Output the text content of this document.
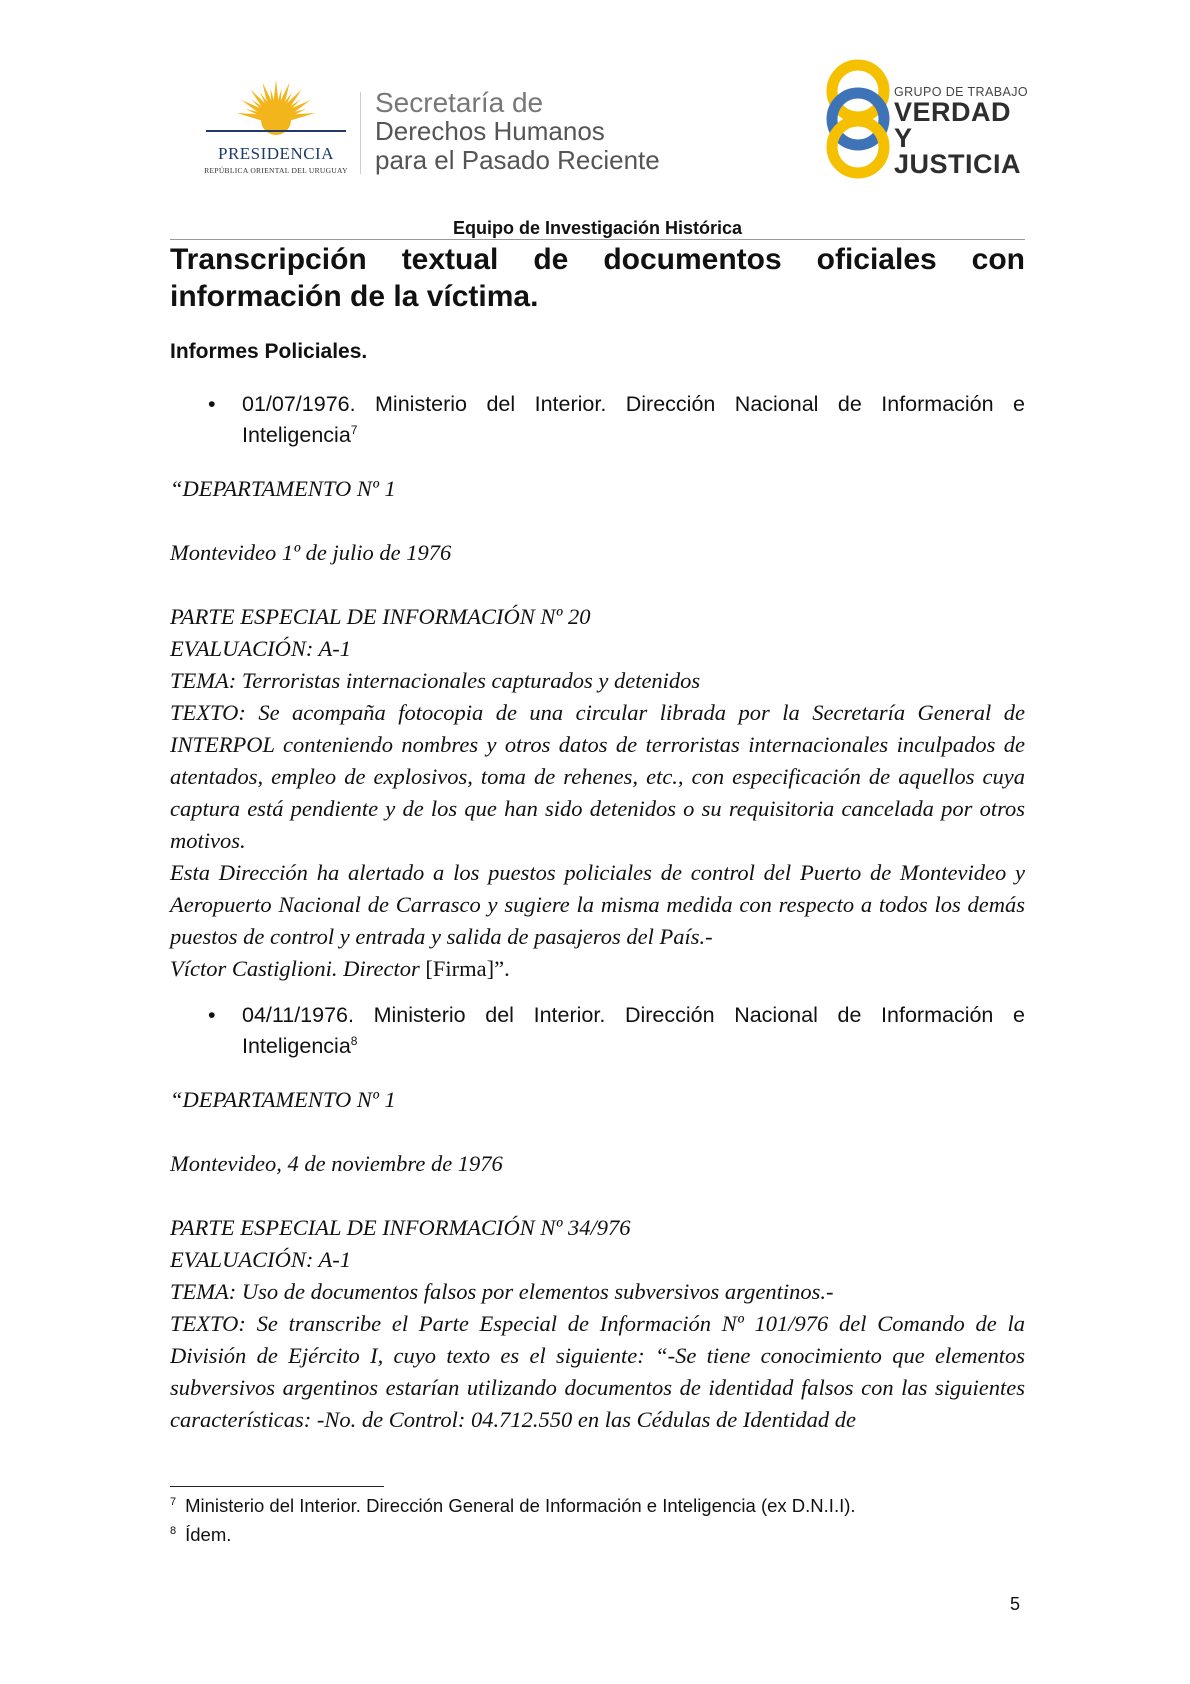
PRESIDENCIA
REPÚBLICA ORIENTAL DEL URUGUAY
Secretaría de
Derechos Humanos
para el Pasado Reciente
GRUPO DE TRABAJO
VERDAD Y
JUSTICIA
Equipo de Investigación Histórica
Transcripción textual de documentos oficiales con información de la víctima.
Informes Policiales.
• 01/07/1976. Ministerio del Interior. Dirección Nacional de Información e Inteligencia$^7$
“DEPARTAMENTO Nº 1
Montevideo 1º de julio de 1976
PARTE ESPECIAL DE INFORMACIÓN Nº 20
EVALUACIÓN: A-1
TEMA: Terroristas internacionales capturados y detenidos
TEXTO: Se acompaña fotocopia de una circular librada por la Secretaría General de INTERPOL conteniendo nombres y otros datos de terroristas internacionales inculpados de atentados, empleo de explosivos, toma de rehenes, etc., con especificación de aquellos cuya captura está pendiente y de los que han sido detenidos o su requisitoria cancelada por otros motivos.
Esta Dirección ha alertado a los puestos policiales de control del Puerto de Montevideo y Aeropuerto Nacional de Carrasco y sugiere la misma medida con respecto a todos los demás puestos de control y entrada y salida de pasajeros del País.-
Víctor Castiglioni. Director [Firma]”.
• 04/11/1976. Ministerio del Interior. Dirección Nacional de Información e Inteligencia$^8$
“DEPARTAMENTO Nº 1
Montevideo, 4 de noviembre de 1976
PARTE ESPECIAL DE INFORMACIÓN Nº 34/976
EVALUACIÓN: A-1
TEMA: Uso de documentos falsos por elementos subversivos argentinos.-
TEXTO: Se transcribe el Parte Especial de Información Nº 101/976 del Comando de la División de Ejército I, cuyo texto es el siguiente: “-Se tiene conocimiento que elementos subversivos argentinos estarían utilizando documentos de identidad falsos con las siguientes características: -No. de Control: 04.712.550 en las Cédulas de Identidad de
$^7$ Ministerio del Interior. Dirección General de Información e Inteligencia (ex D.N.I.I).
$^8$ Ídem.
5
